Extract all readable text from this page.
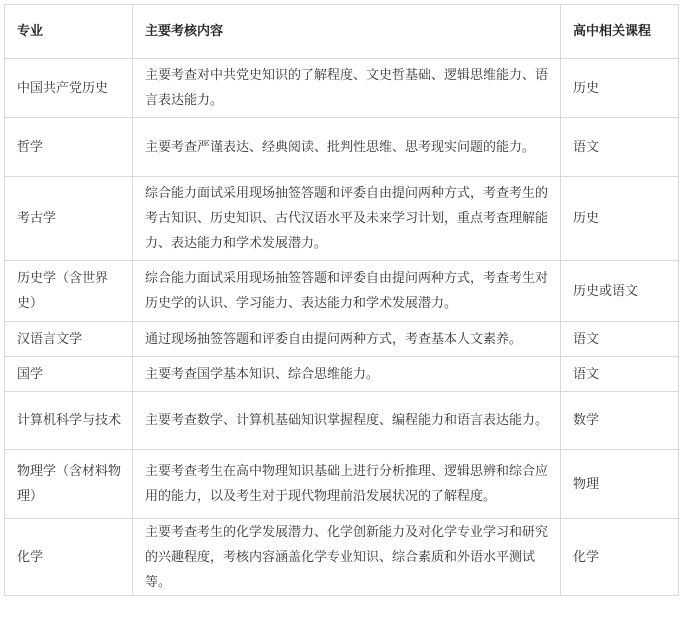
专业	主要考核内容	高中相关课程
中国共产党历史	主要考查对中共党史知识的了解程度、文史哲基础、逻辑思维能力、语言表达能力。	历史
哲学	主要考查严谨表达、经典阅读、批判性思维、思考现实问题的能力。	语文
考古学	综合能力面试采用现场抽签答题和评委自由提问两种方式，考查考生的考古知识、历史知识、古代汉语水平及未来学习计划，重点考查理解能力、表达能力和学术发展潜力。	历史
历史学（含世界史）	综合能力面试采用现场抽签答题和评委自由提问两种方式，考查考生对历史学的认识、学习能力、表达能力和学术发展潜力。	历史或语文
汉语言文学	通过现场抽签答题和评委自由提问两种方式，考查基本人文素养。	语文
国学	主要考查国学基本知识、综合思维能力。	语文
计算机科学与技术	主要考查数学、计算机基础知识掌握程度、编程能力和语言表达能力。	数学
物理学（含材料物理）	主要考查考生在高中物理知识基础上进行分析推理、逻辑思辨和综合应用的能力，以及考生对于现代物理前沿发展状况的了解程度。	物理
化学	主要考查考生的化学发展潜力、化学创新能力及对化学专业学习和研究的兴趣程度，考核内容涵盖化学专业知识、综合素质和外语水平测试等。	化学
